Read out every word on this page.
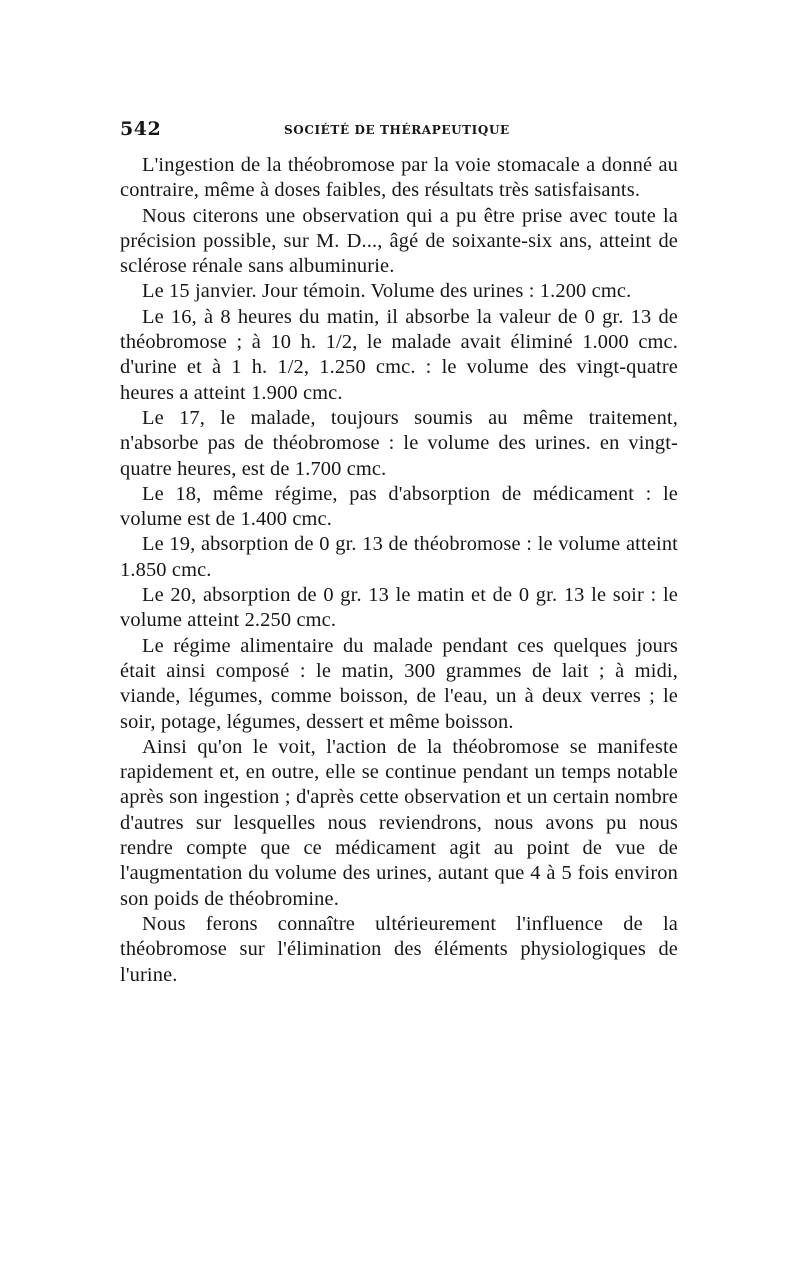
542	SOCIÉTÉ DE THÉRAPEUTIQUE

L'ingestion de la théobromose par la voie stomacale a donné au contraire, même à doses faibles, des résultats très satisfaisants.

Nous citerons une observation qui a pu être prise avec toute la précision possible, sur M. D..., âgé de soixante-six ans, atteint de sclérose rénale sans albuminurie.

Le 15 janvier. Jour témoin. Volume des urines : 1.200 cmc.

Le 16, à 8 heures du matin, il absorbe la valeur de 0 gr. 13 de théobromose ; à 10 h. 1/2, le malade avait éliminé 1.000 cmc. d'urine et à 1 h. 1/2, 1.250 cmc. : le volume des vingt-quatre heures a atteint 1.900 cmc.

Le 17, le malade, toujours soumis au même traitement, n'absorbe pas de théobromose : le volume des urines. en vingt-quatre heures, est de 1.700 cmc.

Le 18, même régime, pas d'absorption de médicament : le volume est de 1.400 cmc.

Le 19, absorption de 0 gr. 13 de théobromose : le volume atteint 1.850 cmc.

Le 20, absorption de 0 gr. 13 le matin et de 0 gr. 13 le soir : le volume atteint 2.250 cmc.

Le régime alimentaire du malade pendant ces quelques jours était ainsi composé : le matin, 300 grammes de lait ; à midi, viande, légumes, comme boisson, de l'eau, un à deux verres ; le soir, potage, légumes, dessert et même boisson.

Ainsi qu'on le voit, l'action de la théobromose se manifeste rapidement et, en outre, elle se continue pendant un temps notable après son ingestion ; d'après cette observation et un certain nombre d'autres sur lesquelles nous reviendrons, nous avons pu nous rendre compte que ce médicament agit au point de vue de l'augmentation du volume des urines, autant que 4 à 5 fois environ son poids de théobromine.

Nous ferons connaître ultérieurement l'influence de la théobromose sur l'élimination des éléments physiologiques de l'urine.
